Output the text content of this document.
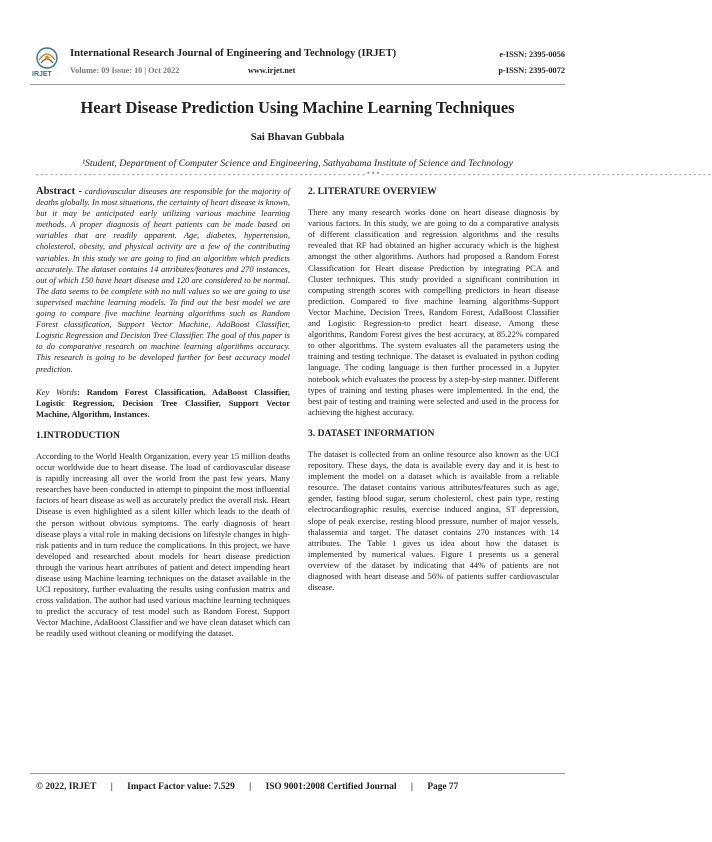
IRJET
International Research Journal of Engineering and Technology (IRJET)
Volume: 09 Issue: 10 | Oct 2022	www.irjet.net
e-ISSN: 2395-0056
p-ISSN: 2395-0072
Heart Disease Prediction Using Machine Learning Techniques
Sai Bhavan Gubbala
¹Student, Department of Computer Science and Engineering, Sathyabama Institute of Science and Technology
---------------------------------------------------------------------***---------------------------------------------------------------------

Abstract - cardiovascular diseases are responsible for the majority of deaths globally. In most situations, the certainty of heart disease is known, but it may be anticipated early utilizing various machine learning methods. A proper diagnosis of heart patients can be made based on variables that are readily apparent. Age, diabetes, hypertension, cholesterol, obesity, and physical activity are a few of the contributing variables. In this study we are going to find an algorithm which predicts accurately. The dataset contains 14 attributes/features and 270 instances, out of which 150 have heart disease and 120 are considered to be normal. The data seems to be complete with no null values so we are going to use supervised machine learning models. To find out the best model we are going to compare five machine learning algorithms such as Random Forest classification, Support Vector Machine, AdaBoost Classifier, Logistic Regression and Decision Tree Classifier. The goal of this paper is to do comparative research on machine learning algorithms accuracy. This research is going to be developed further for best accuracy model prediction.

Key Words: Random Forest Classification, AdaBoost Classifier, Logistic Regression, Decision Tree Classifier, Support Vector Machine, Algorithm, Instances.

1.INTRODUCTION

According to the World Health Organization, every year 15 million deaths occur worldwide due to heart disease. The load of cardiovascular disease is rapidly increasing all over the world from the past few years. Many researches have been conducted in attempt to pinpoint the most influential factors of heart disease as well as accurately predict the overall risk. Heart Disease is even highlighted as a silent killer which leads to the death of the person without obvious symptoms. The early diagnosis of heart disease plays a vital role in making decisions on lifestyle changes in high-risk patients and in turn reduce the complications. In this project, we have developed and researched about models for heart disease prediction through the various heart attributes of patient and detect impending heart disease using Machine learning techniques on the dataset available in the UCI repository, further evaluating the results using confusion matrix and cross validation. The author had used various machine learning techniques to predict the accuracy of test model such as Random Forest, Support Vector Machine, AdaBoost Classifier and we have clean dataset which can be readily used without cleaning or modifying the dataset.

2. LITERATURE OVERVIEW

There any many research works done on heart disease diagnosis by various factors. In this study, we are going to do a comparative analysis of different classification and regression algorithms and the results revealed that RF had obtained an higher accuracy which is the highest amongst the other algorithms. Authors had proposed a Random Forest Classification for Heart disease Prediction by integrating PCA and Cluster techniques. This study provided a significant contribution in computing strength scores with compelling predictors in heart disease prediction. Compared to five machine learning algorithms-Support Vector Machine, Decision Trees, Random Forest, AdaBoost Classifier and Logistic Regression-to predict heart disease. Among these algorithms, Random Forest gives the best accuracy, at 85.22% compared to other algorithms. The system evaluates all the parameters using the training and testing technique. The dataset is evaluated in python coding language. The coding language is then further processed in a Jupyter notebook which evaluates the process by a step-by-step manner. Different types of training and testing phases were implemented. In the end, the best pair of testing and training were selected and used in the process for achieving the highest accuracy.

3. DATASET INFORMATION

The dataset is collected from an online resource also known as the UCI repository. These days, the data is available every day and it is best to implement the model on a dataset which is available from a reliable resource. The dataset contains various attributes/features such as age, gender, fasting blood sugar, serum cholesterol, chest pain type, resting electrocardiographic results, exercise induced angina, ST depression, slope of peak exercise, resting blood pressure, number of major vessels, thalassemia and target. The dataset contains 270 instances with 14 attributes. The Table 1 gives us idea about how the dataset is implemented by numerical values. Figure 1 presents us a general overview of the dataset by indicating that 44% of patients are not diagnosed with heart disease and 56% of patients suffer cardiovascular disease.

© 2022, IRJET | Impact Factor value: 7.529 | ISO 9001:2008 Certified Journal | Page 77
